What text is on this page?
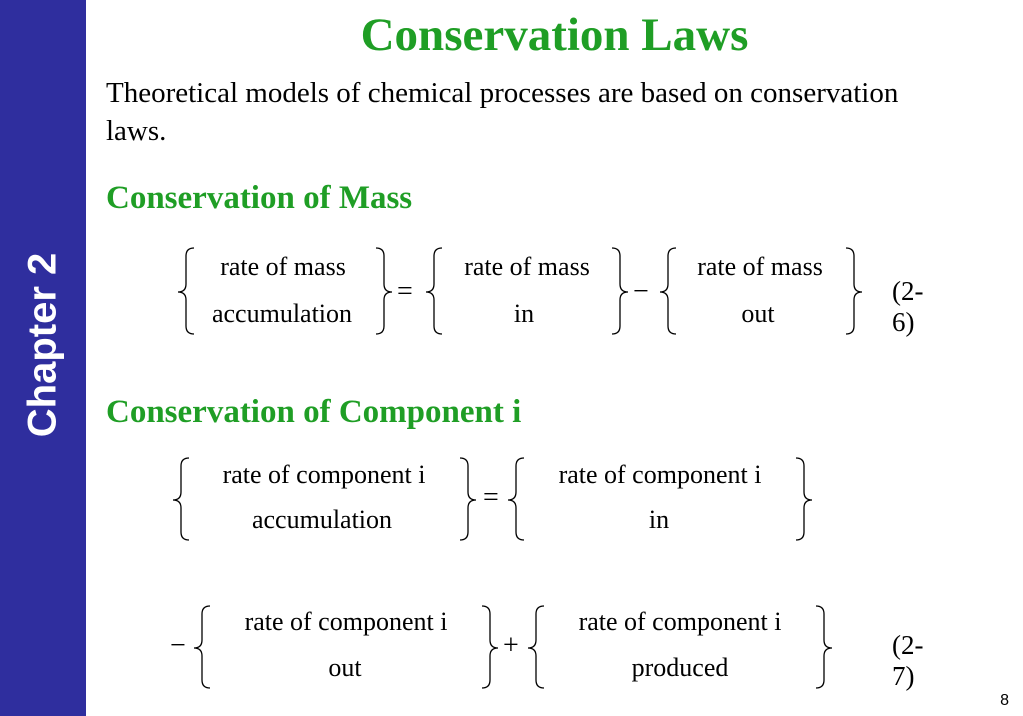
Chapter 2
Conservation Laws
Theoretical models of chemical processes are based on conservation laws.
Conservation of Mass
rate of mass
accumulation
=
rate of mass
in
−
rate of mass
out
(2-6)
Conservation of Component i
rate of component i
accumulation
=
rate of component i
in
−
rate of component i
out
+
rate of component i
produced
(2-7)
8
